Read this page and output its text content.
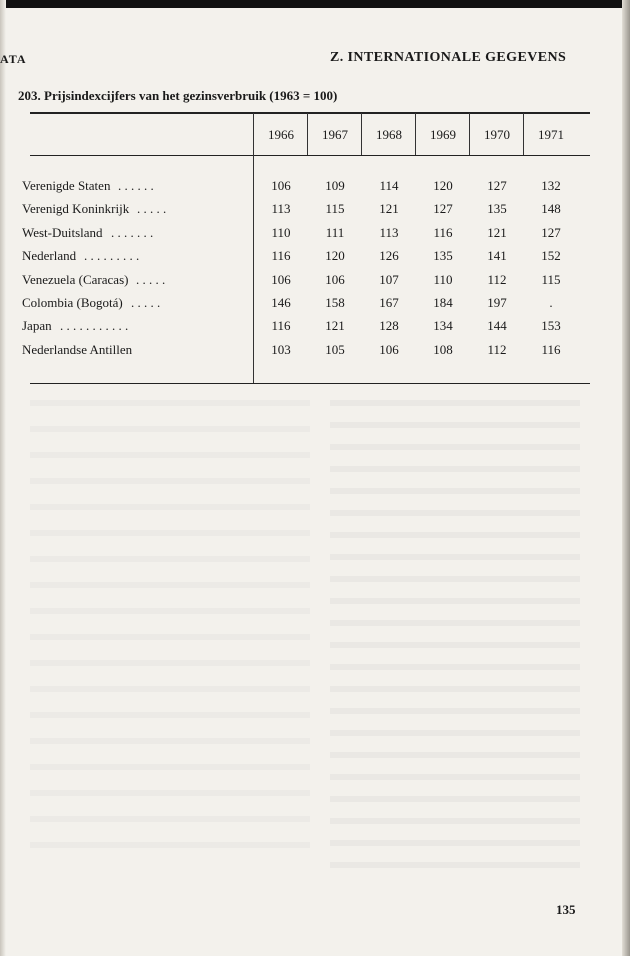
ATA	Z. INTERNATIONALE GEGEVENS
203. Prijsindexcijfers van het gezinsverbruik (1963 = 100)
1966	1967	1968	1969	1970	1971
Verenigde Staten . . . . . .	106	109	114	120	127	132
Verenigd Koninkrijk . . . . .	113	115	121	127	135	148
West-Duitsland . . . . . . .	110	111	113	116	121	127
Nederland . . . . . . . . .	116	120	126	135	141	152
Venezuela (Caracas) . . . . .	106	106	107	110	112	115
Colombia (Bogotá) . . . . .	146	158	167	184	197	.
Japan . . . . . . . . . . .	116	121	128	134	144	153
Nederlandse Antillen	103	105	106	108	112	116
135
